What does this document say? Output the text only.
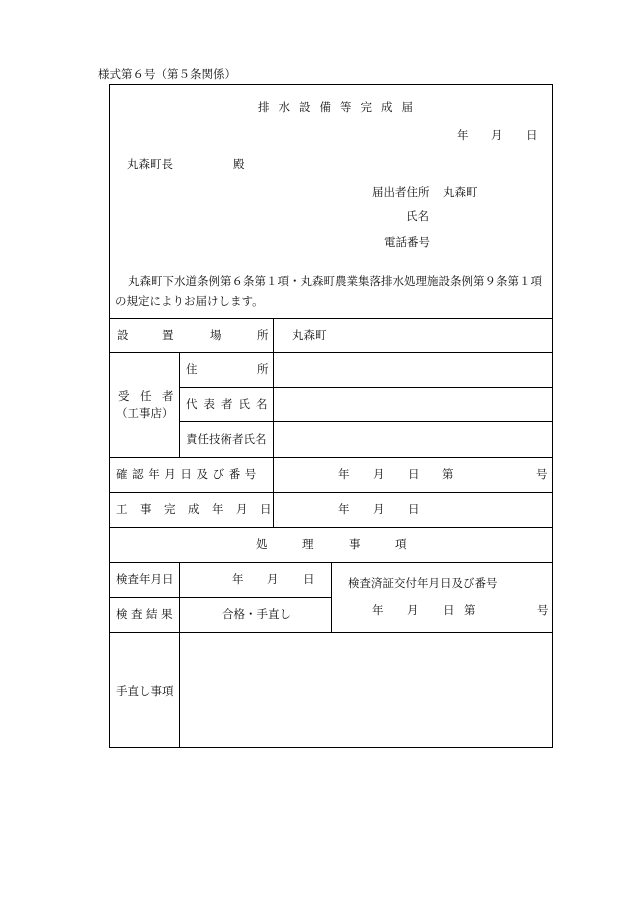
様式第６号（第５条関係）
排水設備等完成届
年 月 日
丸森町長	殿
届出者住所 丸森町
氏名
電話番号
丸森町下水道条例第６条第１項・丸森町農業集落排水処理施設条例第９条第１項
の規定によりお届けします。
設	置	場	所 丸森町
受 任 者
（工事店）
住	所
代表者氏名
責任技術者氏名
確認年月日及び番号	年 月 日 第	号
工事完成年月日	年 月 日
処	理	事	項
検査年月日	年 月 日
検査結果	合格・手直し
検査済証交付年月日及び番号
年 月 日 第	号
手直し事項
